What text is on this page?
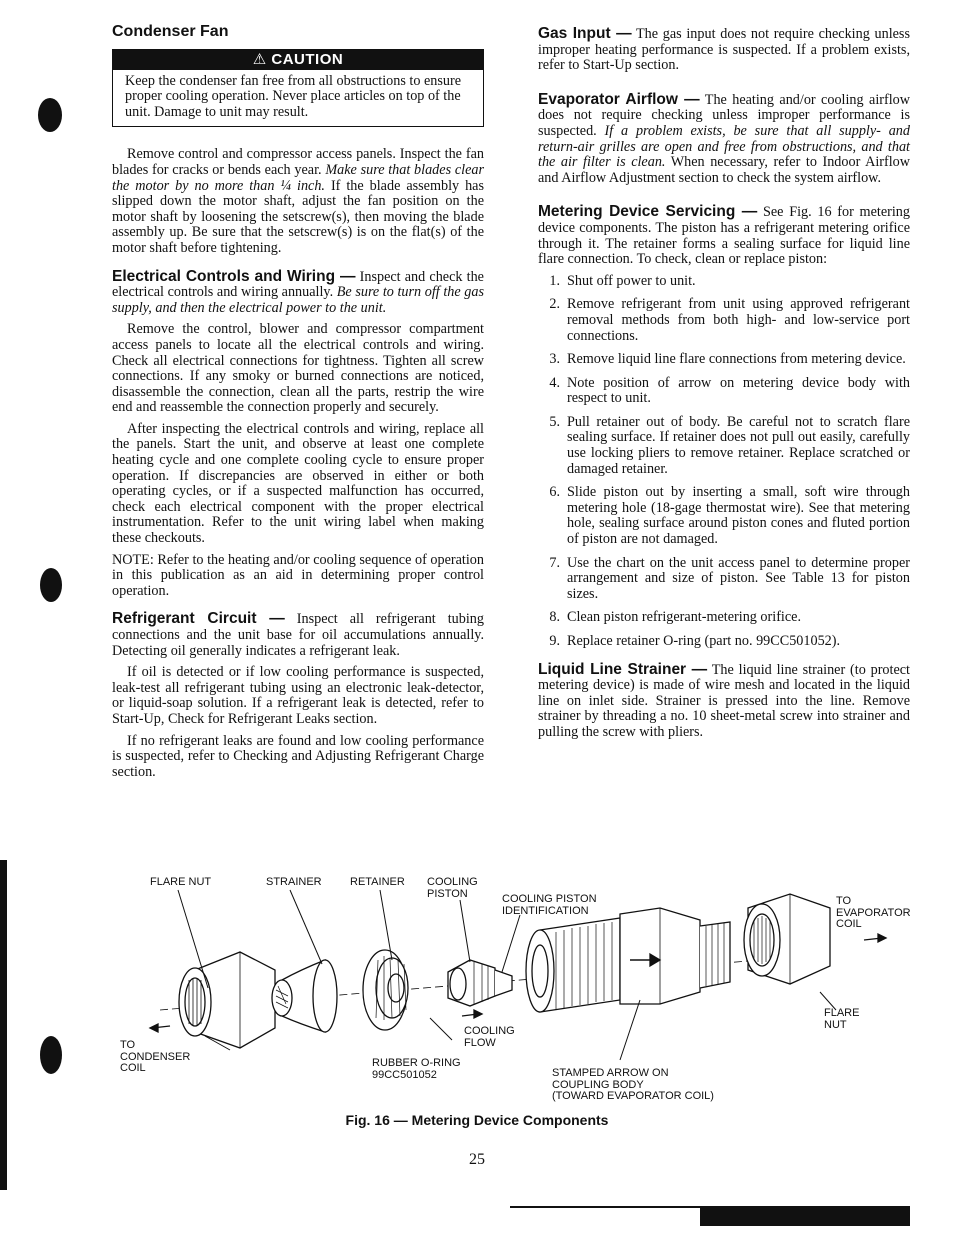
Condenser Fan
⚠ CAUTION
Keep the condenser fan free from all obstructions to ensure proper cooling operation. Never place articles on top of the unit. Damage to unit may result.

Remove control and compressor access panels. Inspect the fan blades for cracks or bends each year. Make sure that blades clear the motor by no more than ¼ inch. If the blade assembly has slipped down the motor shaft, adjust the fan position on the motor shaft by loosening the setscrew(s), then moving the blade assembly up. Be sure that the setscrew(s) is on the flat(s) of the motor shaft before tightening.

Electrical Controls and Wiring — Inspect and check the electrical controls and wiring annually. Be sure to turn off the gas supply, and then the electrical power to the unit.

Remove the control, blower and compressor compartment access panels to locate all the electrical controls and wiring. Check all electrical connections for tightness. Tighten all screw connections. If any smoky or burned connections are noticed, disassemble the connection, clean all the parts, restrip the wire end and reassemble the connection properly and securely.

After inspecting the electrical controls and wiring, replace all the panels. Start the unit, and observe at least one complete heating cycle and one complete cooling cycle to ensure proper operation. If discrepancies are observed in either or both operating cycles, or if a suspected malfunction has occurred, check each electrical component with the proper electrical instrumentation. Refer to the unit wiring label when making these checkouts.

NOTE: Refer to the heating and/or cooling sequence of operation in this publication as an aid in determining proper control operation.

Refrigerant Circuit — Inspect all refrigerant tubing connections and the unit base for oil accumulations annually. Detecting oil generally indicates a refrigerant leak.

If oil is detected or if low cooling performance is suspected, leak-test all refrigerant tubing using an electronic leak-detector, or liquid-soap solution. If a refrigerant leak is detected, refer to Start-Up, Check for Refrigerant Leaks section.

If no refrigerant leaks are found and low cooling performance is suspected, refer to Checking and Adjusting Refrigerant Charge section.

Gas Input — The gas input does not require checking unless improper heating performance is suspected. If a problem exists, refer to Start-Up section.

Evaporator Airflow — The heating and/or cooling airflow does not require checking unless improper performance is suspected. If a problem exists, be sure that all supply- and return-air grilles are open and free from obstructions, and that the air filter is clean. When necessary, refer to Indoor Airflow and Airflow Adjustment section to check the system airflow.

Metering Device Servicing — See Fig. 16 for metering device components. The piston has a refrigerant metering orifice through it. The retainer forms a sealing surface for liquid line flare connection. To check, clean or replace piston:

1. Shut off power to unit.
2. Remove refrigerant from unit using approved refrigerant removal methods from both high- and low-service port connections.
3. Remove liquid line flare connections from metering device.
4. Note position of arrow on metering device body with respect to unit.
5. Pull retainer out of body. Be careful not to scratch flare sealing surface. If retainer does not pull out easily, carefully use locking pliers to remove retainer. Replace scratched or damaged retainer.
6. Slide piston out by inserting a small, soft wire through metering hole (18-gage thermostat wire). See that metering hole, sealing surface around piston cones and fluted portion of piston are not damaged.
7. Use the chart on the unit access panel to determine proper arrangement and size of piston. See Table 13 for piston sizes.
8. Clean piston refrigerant-metering orifice.
9. Replace retainer O-ring (part no. 99CC501052).

Liquid Line Strainer — The liquid line strainer (to protect metering device) is made of wire mesh and located in the liquid line on inlet side. Strainer is pressed into the line. Remove strainer by threading a no. 10 sheet-metal screw into strainer and pulling the screw with pliers.

FLARE NUT	STRAINER	RETAINER COOLING
PISTON	COOLING PISTON
IDENTIFICATION
TO
EVAPORATOR
COIL
TO
CONDENSER
COIL	RUBBER O-RING
99CC501052
COOLING
FLOW
STAMPED ARROW ON
COUPLING BODY
(TOWARD EVAPORATOR COIL)
FLARE
NUT
Fig. 16 — Metering Device Components
25
